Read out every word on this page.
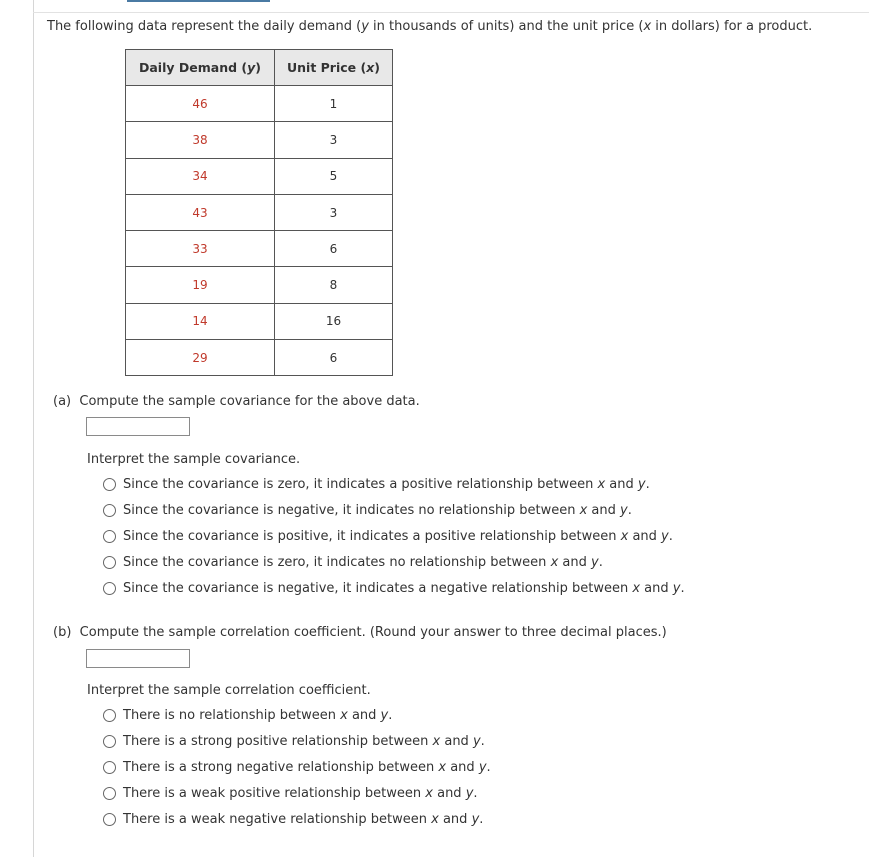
The following data represent the daily demand (y in thousands of units) and the unit price (x in dollars) for a product.
Daily Demand (y)	Unit Price (x)
46	1
38	3
34	5
43	3
33	6
19	8
14	16
29	6
(a) Compute the sample covariance for the above data.
Interpret the sample covariance.
Since the covariance is zero, it indicates a positive relationship between x and y.
Since the covariance is negative, it indicates no relationship between x and y.
Since the covariance is positive, it indicates a positive relationship between x and y.
Since the covariance is zero, it indicates no relationship between x and y.
Since the covariance is negative, it indicates a negative relationship between x and y.
(b) Compute the sample correlation coefficient. (Round your answer to three decimal places.)
Interpret the sample correlation coefficient.
There is no relationship between x and y.
There is a strong positive relationship between x and y.
There is a strong negative relationship between x and y.
There is a weak positive relationship between x and y.
There is a weak negative relationship between x and y.
